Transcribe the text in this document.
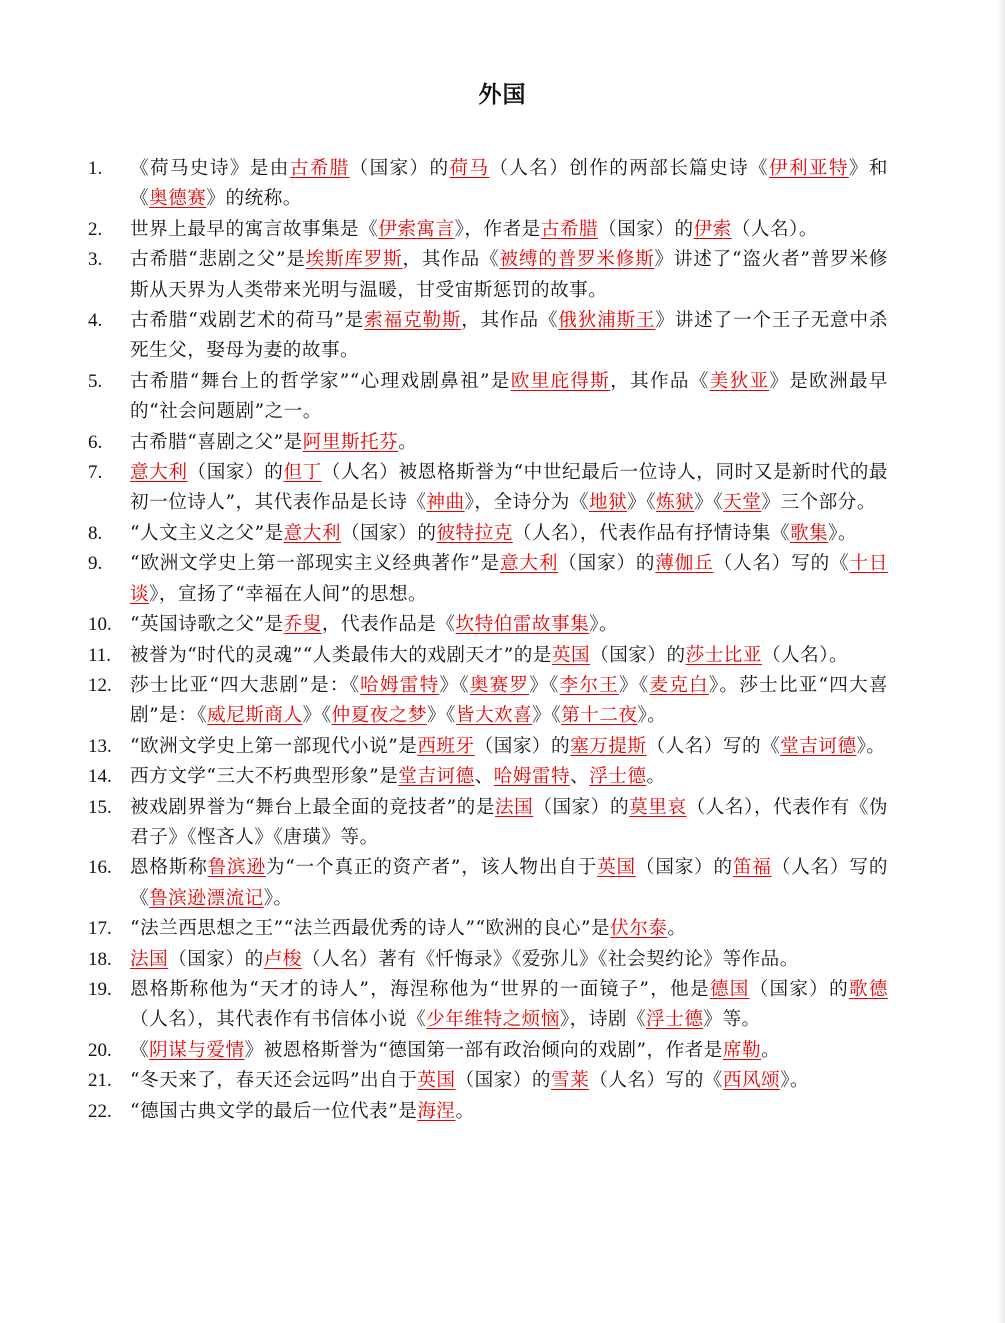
外国
1.	《荷马史诗》是由古希腊（国家）的荷马（人名）创作的两部长篇史诗《伊利亚特》和《奥德赛》的统称。
2.	世界上最早的寓言故事集是《伊索寓言》，作者是古希腊（国家）的伊索（人名）。
3.	古希腊“悲剧之父”是埃斯库罗斯，其作品《被缚的普罗米修斯》讲述了“盗火者”普罗米修斯从天界为人类带来光明与温暖，甘受宙斯惩罚的故事。
4.	古希腊“戏剧艺术的荷马”是索福克勒斯，其作品《俄狄浦斯王》讲述了一个王子无意中杀死生父，娶母为妻的故事。
5.	古希腊“舞台上的哲学家”“心理戏剧鼻祖”是欧里庇得斯，其作品《美狄亚》是欧洲最早的“社会问题剧”之一。
6.	古希腊“喜剧之父”是阿里斯托芬。
7.	意大利（国家）的但丁（人名）被恩格斯誉为“中世纪最后一位诗人，同时又是新时代的最初一位诗人”，其代表作品是长诗《神曲》，全诗分为《地狱》《炼狱》《天堂》三个部分。
8.	“人文主义之父”是意大利（国家）的彼特拉克（人名），代表作品有抒情诗集《歌集》。
9.	“欧洲文学史上第一部现实主义经典著作”是意大利（国家）的薄伽丘（人名）写的《十日谈》，宣扬了“幸福在人间”的思想。
10. “英国诗歌之父”是乔叟，代表作品是《坎特伯雷故事集》。
11.	被誉为“时代的灵魂”“人类最伟大的戏剧天才”的是英国（国家）的莎士比亚（人名）。
12. 莎士比亚“四大悲剧”是：《哈姆雷特》《奥赛罗》《李尔王》《麦克白》。莎士比亚“四大喜剧”是：《威尼斯商人》《仲夏夜之梦》《皆大欢喜》《第十二夜》。
13. “欧洲文学史上第一部现代小说”是西班牙（国家）的塞万提斯（人名）写的《堂吉诃德》。
14. 西方文学“三大不朽典型形象”是堂吉诃德、哈姆雷特、浮士德。
15. 被戏剧界誉为“舞台上最全面的竞技者”的是法国（国家）的莫里哀（人名），代表作有《伪君子》《悭吝人》《唐璜》等。
16. 恩格斯称鲁滨逊为“一个真正的资产者”，该人物出自于英国（国家）的笛福（人名）写的《鲁滨逊漂流记》。
17. “法兰西思想之王”“法兰西最优秀的诗人”“欧洲的良心”是伏尔泰。
18. 法国（国家）的卢梭（人名）著有《忏悔录》《爱弥儿》《社会契约论》等作品。
19. 恩格斯称他为“天才的诗人”，海涅称他为“世界的一面镜子”，他是德国（国家）的歌德（人名），其代表作有书信体小说《少年维特之烦恼》，诗剧《浮士德》等。
20. 《阴谋与爱情》被恩格斯誉为“德国第一部有政治倾向的戏剧”，作者是席勒。
21. “冬天来了，春天还会远吗”出自于英国（国家）的雪莱（人名）写的《西风颂》。
22. “德国古典文学的最后一位代表”是海涅。
